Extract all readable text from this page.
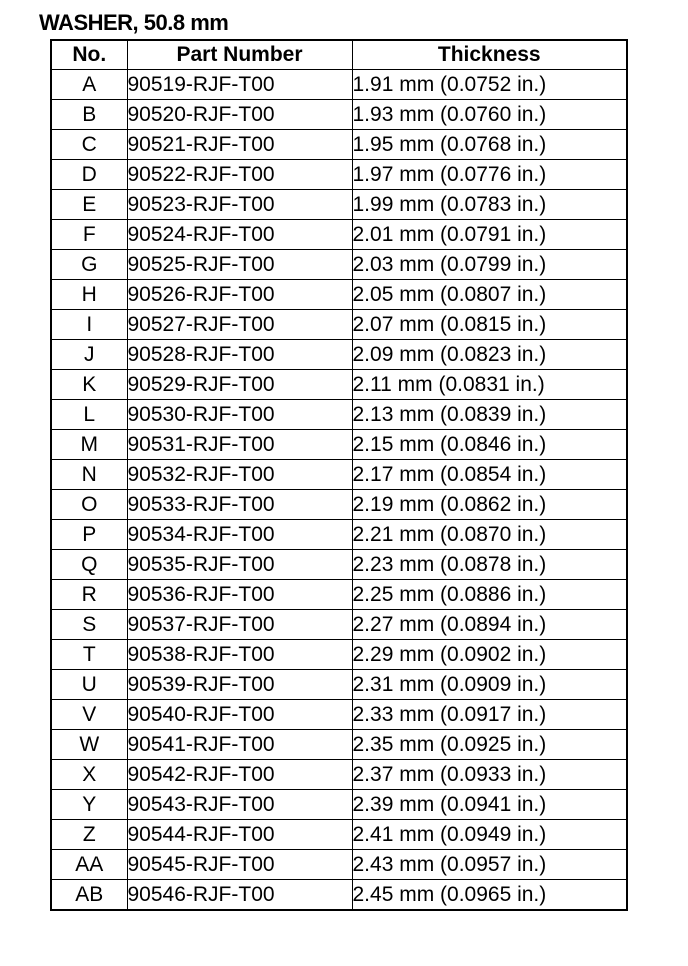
WASHER, 50.8 mm
No.	Part Number	Thickness
A	90519-RJF-T00	1.91 mm (0.0752 in.)
B	90520-RJF-T00	1.93 mm (0.0760 in.)
C	90521-RJF-T00	1.95 mm (0.0768 in.)
D	90522-RJF-T00	1.97 mm (0.0776 in.)
E	90523-RJF-T00	1.99 mm (0.0783 in.)
F	90524-RJF-T00	2.01 mm (0.0791 in.)
G	90525-RJF-T00	2.03 mm (0.0799 in.)
H	90526-RJF-T00	2.05 mm (0.0807 in.)
I	90527-RJF-T00	2.07 mm (0.0815 in.)
J	90528-RJF-T00	2.09 mm (0.0823 in.)
K	90529-RJF-T00	2.11 mm (0.0831 in.)
L	90530-RJF-T00	2.13 mm (0.0839 in.)
M	90531-RJF-T00	2.15 mm (0.0846 in.)
N	90532-RJF-T00	2.17 mm (0.0854 in.)
O	90533-RJF-T00	2.19 mm (0.0862 in.)
P	90534-RJF-T00	2.21 mm (0.0870 in.)
Q	90535-RJF-T00	2.23 mm (0.0878 in.)
R	90536-RJF-T00	2.25 mm (0.0886 in.)
S	90537-RJF-T00	2.27 mm (0.0894 in.)
T	90538-RJF-T00	2.29 mm (0.0902 in.)
U	90539-RJF-T00	2.31 mm (0.0909 in.)
V	90540-RJF-T00	2.33 mm (0.0917 in.)
W	90541-RJF-T00	2.35 mm (0.0925 in.)
X	90542-RJF-T00	2.37 mm (0.0933 in.)
Y	90543-RJF-T00	2.39 mm (0.0941 in.)
Z	90544-RJF-T00	2.41 mm (0.0949 in.)
AA	90545-RJF-T00	2.43 mm (0.0957 in.)
AB	90546-RJF-T00	2.45 mm (0.0965 in.)
